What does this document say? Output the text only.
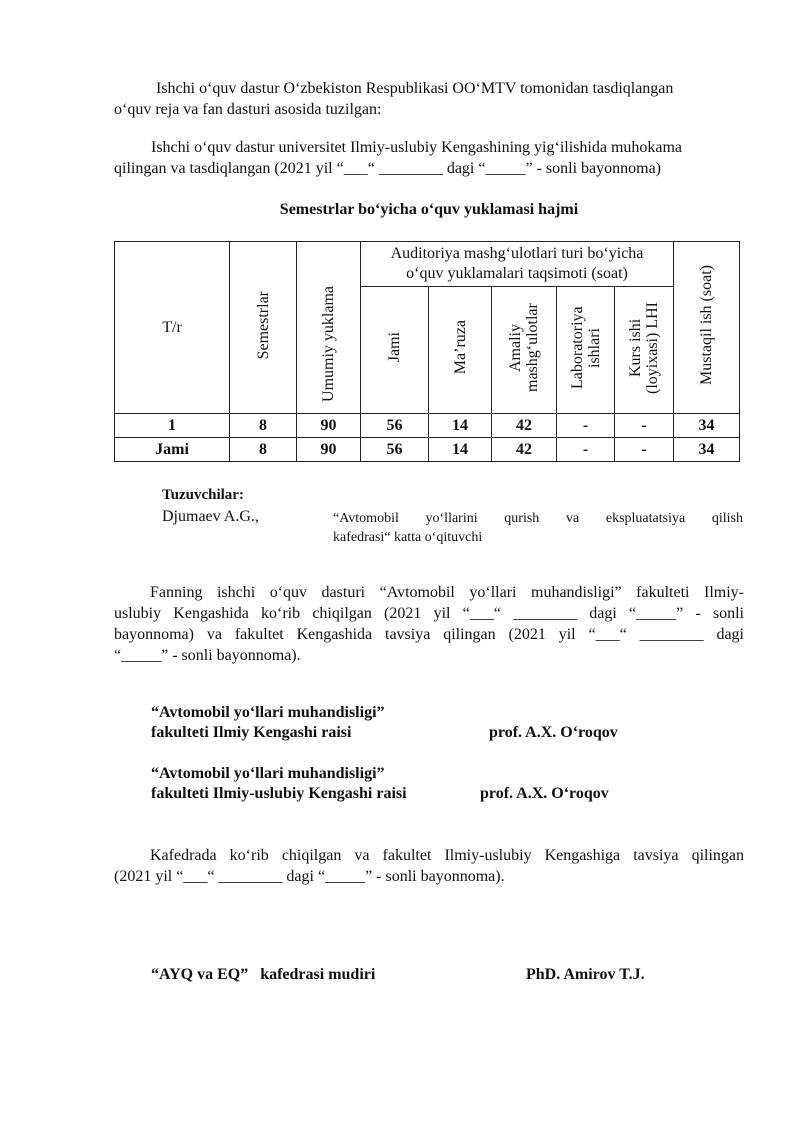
Ishchi o‘quv dastur O‘zbekiston Respublikasi OO‘MTV tomonidan tasdiqlangan
o‘quv reja va fan dasturi asosida tuzilgan:
Ishchi o‘quv dastur universitet Ilmiy-uslubiy Kengashining yig‘ilishida muhokama
qilingan va tasdiqlangan (2021 yil “___“ ________ dagi “_____” - sonli bayonnoma)
Semestrlar bo‘yicha o‘quv yuklamasi hajmi
T/r	Semestrlar	Umumiy yuklama	Auditoriya mashg‘ulotlari turi bo‘yicha o‘quv yuklamalari taqsimoti (soat)					Mustaqil ish (soat)
			Jami	Ma’ruza	Amaliy mashg‘ulotlar	Laboratoriya ishlari	Kurs ishi (loyixasi) LHI	
1	8	90	56	14	42	-	-	34
Jami	8	90	56	14	42	-	-	34
Tuzuvchilar:
Djumaev A.G.,	“Avtomobil yo‘llarini qurish va ekspluatatsiya qilish
kafedrasi“ katta o‘qituvchi
Fanning ishchi o‘quv dasturi “Avtomobil yo‘llari muhandisligi” fakulteti Ilmiy-
uslubiy Kengashida ko‘rib chiqilgan (2021 yil “___“ ________ dagi “_____” - sonli
bayonnoma) va fakultet Kengashida tavsiya qilingan (2021 yil “___“ ________ dagi
“_____” - sonli bayonnoma).
“Avtomobil yo‘llari muhandisligi”
fakulteti Ilmiy Kengashi raisi	prof. A.X. O‘roqov
“Avtomobil yo‘llari muhandisligi”
fakulteti Ilmiy-uslubiy Kengashi raisi	prof. A.X. O‘roqov
Kafedrada ko‘rib chiqilgan va fakultet Ilmiy-uslubiy Kengashiga tavsiya qilingan
(2021 yil “___“ ________ dagi “_____” - sonli bayonnoma).
“AYQ va EQ”   kafedrasi mudiri	PhD. Amirov T.J.
